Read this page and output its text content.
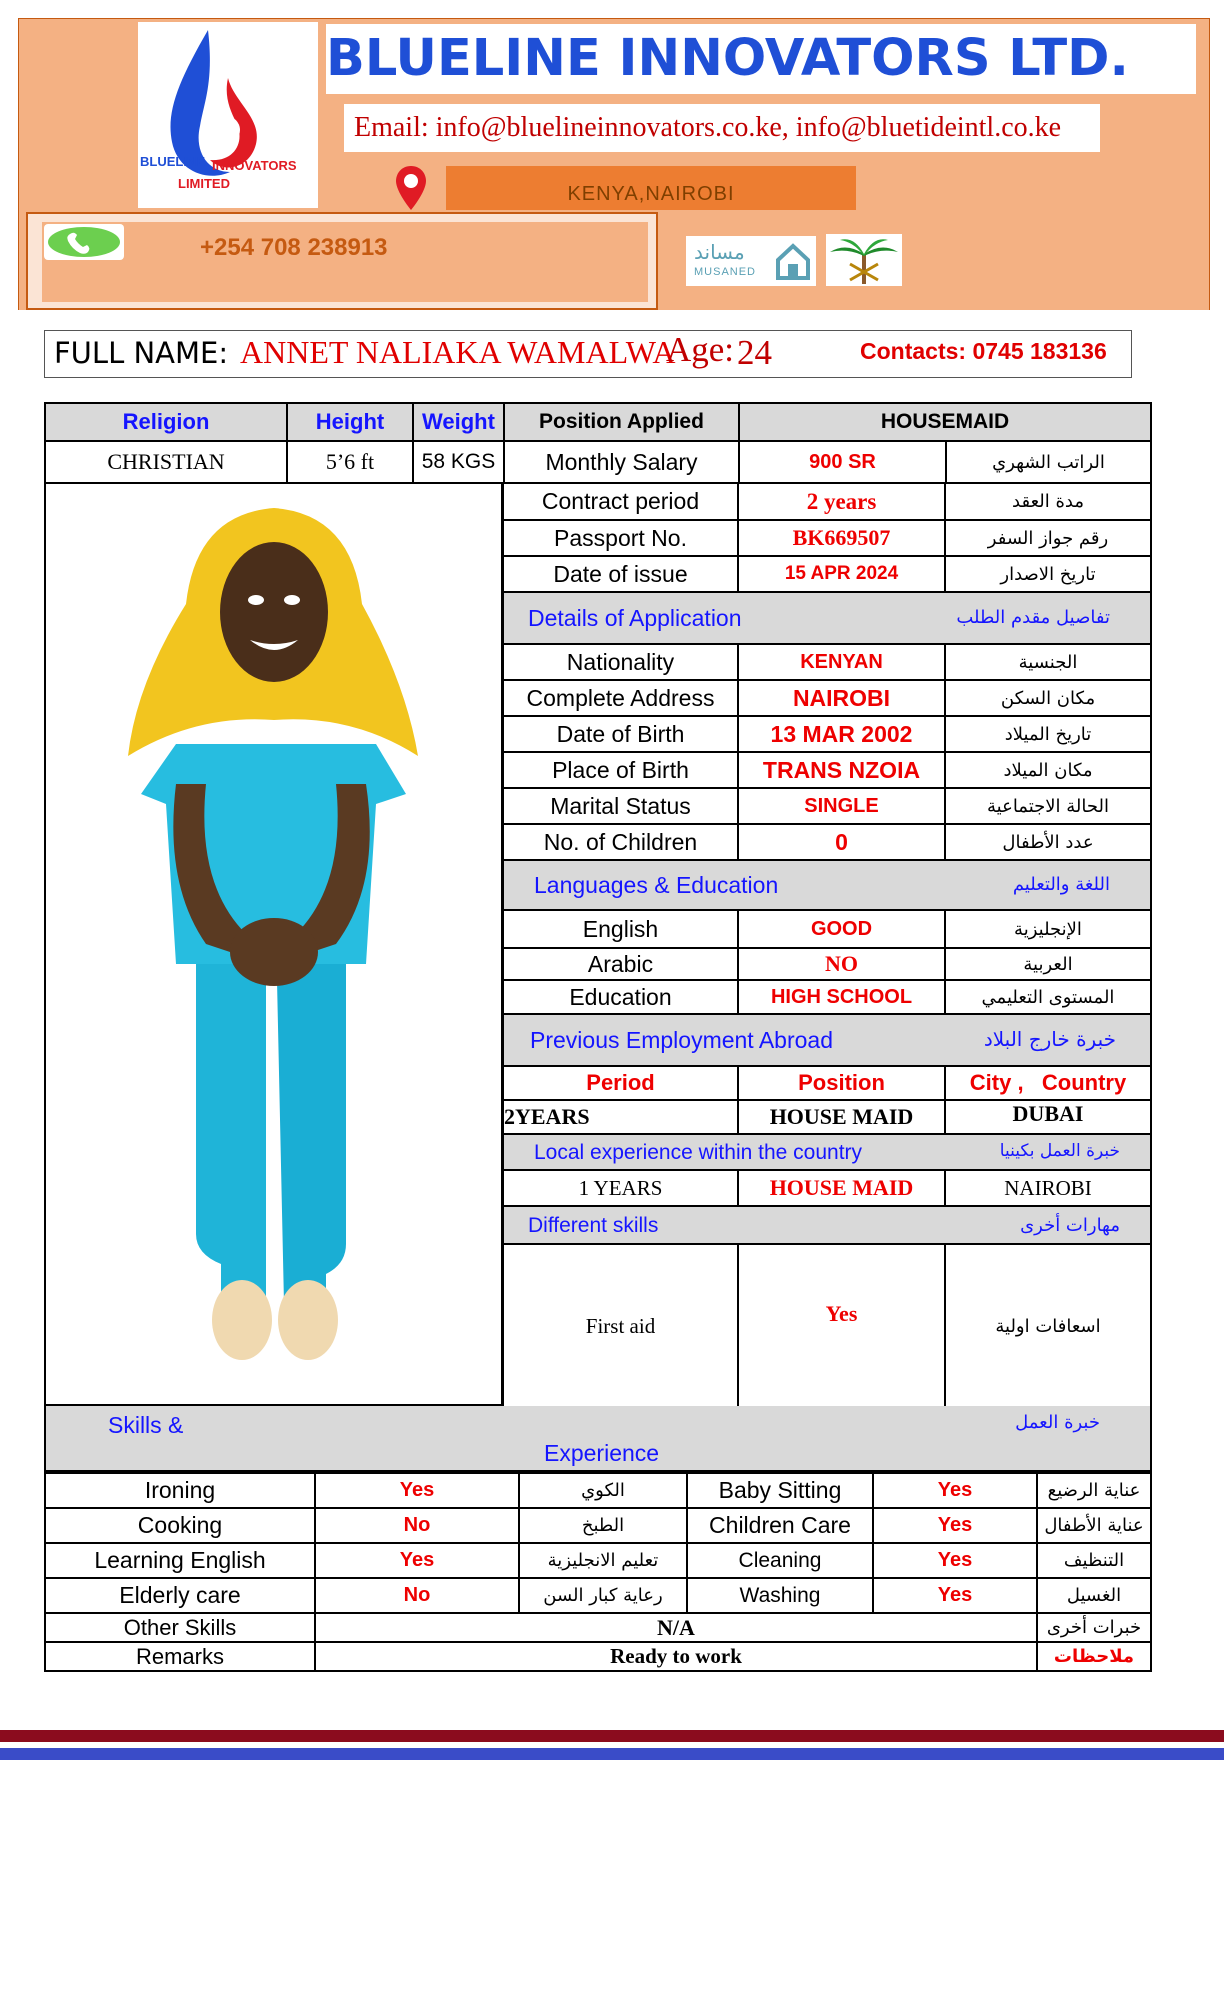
BLUELINE INNOVATORS
LIMITED
BLUELINE INNOVATORS LTD.
Email: info@bluelineinnovators.co.ke, info@bluetideintl.co.ke
KENYA,NAIROBI
+254 708 238913	مساند
MUSANED
FULL NAME: ANNET NALIAKA WAMALWA
Age: 24	Contacts: 0745 183136
Religion	Height	Weight	Position Applied	HOUSEMAID	
CHRISTIAN	5’6 ft	58 KGS	Monthly Salary	900 SR	الراتب الشهري
Contract period	2 years	مدة العقد
Passport No.	BK669507	رقم جواز السفر
Date of issue	15 APR 2024	تاريخ الاصدار

Details of Application تفاصيل مقدم الطلب		

Nationality	KENYAN	الجنسية
Complete Address	NAIROBI	مكان السكن
Date of Birth	13 MAR 2002	تاريخ الميلاد
Place of Birth	TRANS NZOIA	مكان الميلاد
Marital Status	SINGLE	الحالة الاجتماعية
No. of Children	0	عدد الأطفال

Languages & Education اللغة والتعليم		

English	GOOD	الإنجليزية
Arabic	NO	العربية
Education	HIGH SCHOOL	المستوى التعليمي

Previous Employment Abroad خبرة خارج البلاد		

Period	Position	City ,   Country
2YEARS	HOUSE MAID	DUBAI

Local experience within the country خبرة العمل بكينيا		

1 YEARS	HOUSE MAID	NAIROBI

Different skills مهارات أخرى		

First aid	Yes	اسعافات اولية
Skills &
Experience
خبرة العمل
Ironing	Yes	الكوي	Baby Sitting	Yes	عناية الرضيع
Cooking	No	الطبخ	Children Care	Yes	عناية الأطفال
Learning English	Yes	تعليم الانجليزية	Cleaning	Yes	التنظيف
Elderly care	No	رعاية كبار السن	Washing	Yes	الغسيل
Other Skills	N/A				خبرات أخرى
Remarks	Ready to work				ملاحظات
